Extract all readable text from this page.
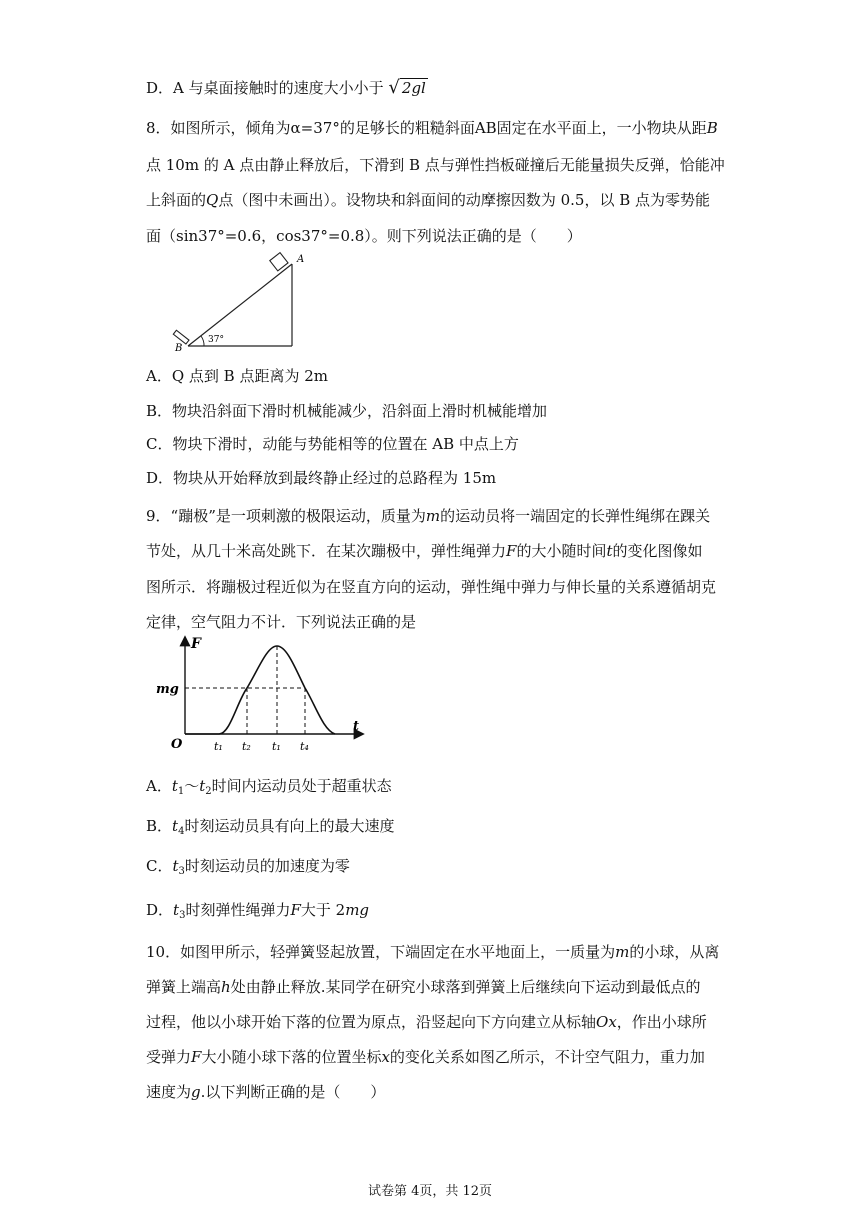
D．A 与桌面接触时的速度大小小于 √ 2gl
8．如图所示，倾角为α=37°的足够长的粗糙斜面AB固定在水平面上，一小物块从距B
点 10m 的 A 点由静止释放后，下滑到 B 点与弹性挡板碰撞后无能量损失反弹，恰能冲
上斜面的Q点（图中未画出）。设物块和斜面间的动摩擦因数为 0.5，以 B 点为零势能
面（sin37°=0.6，cos37°=0.8）。则下列说法正确的是（　　）
37°
A
B
A．Q 点到 B 点距离为 2m
B．物块沿斜面下滑时机械能减少，沿斜面上滑时机械能增加
C．物块下滑时，动能与势能相等的位置在 AB 中点上方
D．物块从开始释放到最终静止经过的总路程为 15m
9．“蹦极”是一项刺激的极限运动，质量为m的运动员将一端固定的长弹性绳绑在踝关
节处，从几十米高处跳下．在某次蹦极中，弹性绳弹力F的大小随时间t的变化图像如
图所示．将蹦极过程近似为在竖直方向的运动，弹性绳中弹力与伸长量的关系遵循胡克
定律，空气阻力不计．下列说法正确的是
F
t
O
mg
t₁ t₂ t₁ t₄
A．$t_1\sim t_2$时间内运动员处于超重状态
B．$t_4$时刻运动员具有向上的最大速度
C．$t_3$时刻运动员的加速度为零
D．$t_3$时刻弹性绳弹力F大于 2mg
10．如图甲所示，轻弹簧竖起放置，下端固定在水平地面上，一质量为m的小球，从离
弹簧上端高h处由静止释放.某同学在研究小球落到弹簧上后继续向下运动到最低点的
过程，他以小球开始下落的位置为原点，沿竖起向下方向建立从标轴Ox，作出小球所
受弹力F大小随小球下落的位置坐标x的变化关系如图乙所示，不计空气阻力，重力加
速度为g.以下判断正确的是（　　）
试卷第 4页，共 12页
